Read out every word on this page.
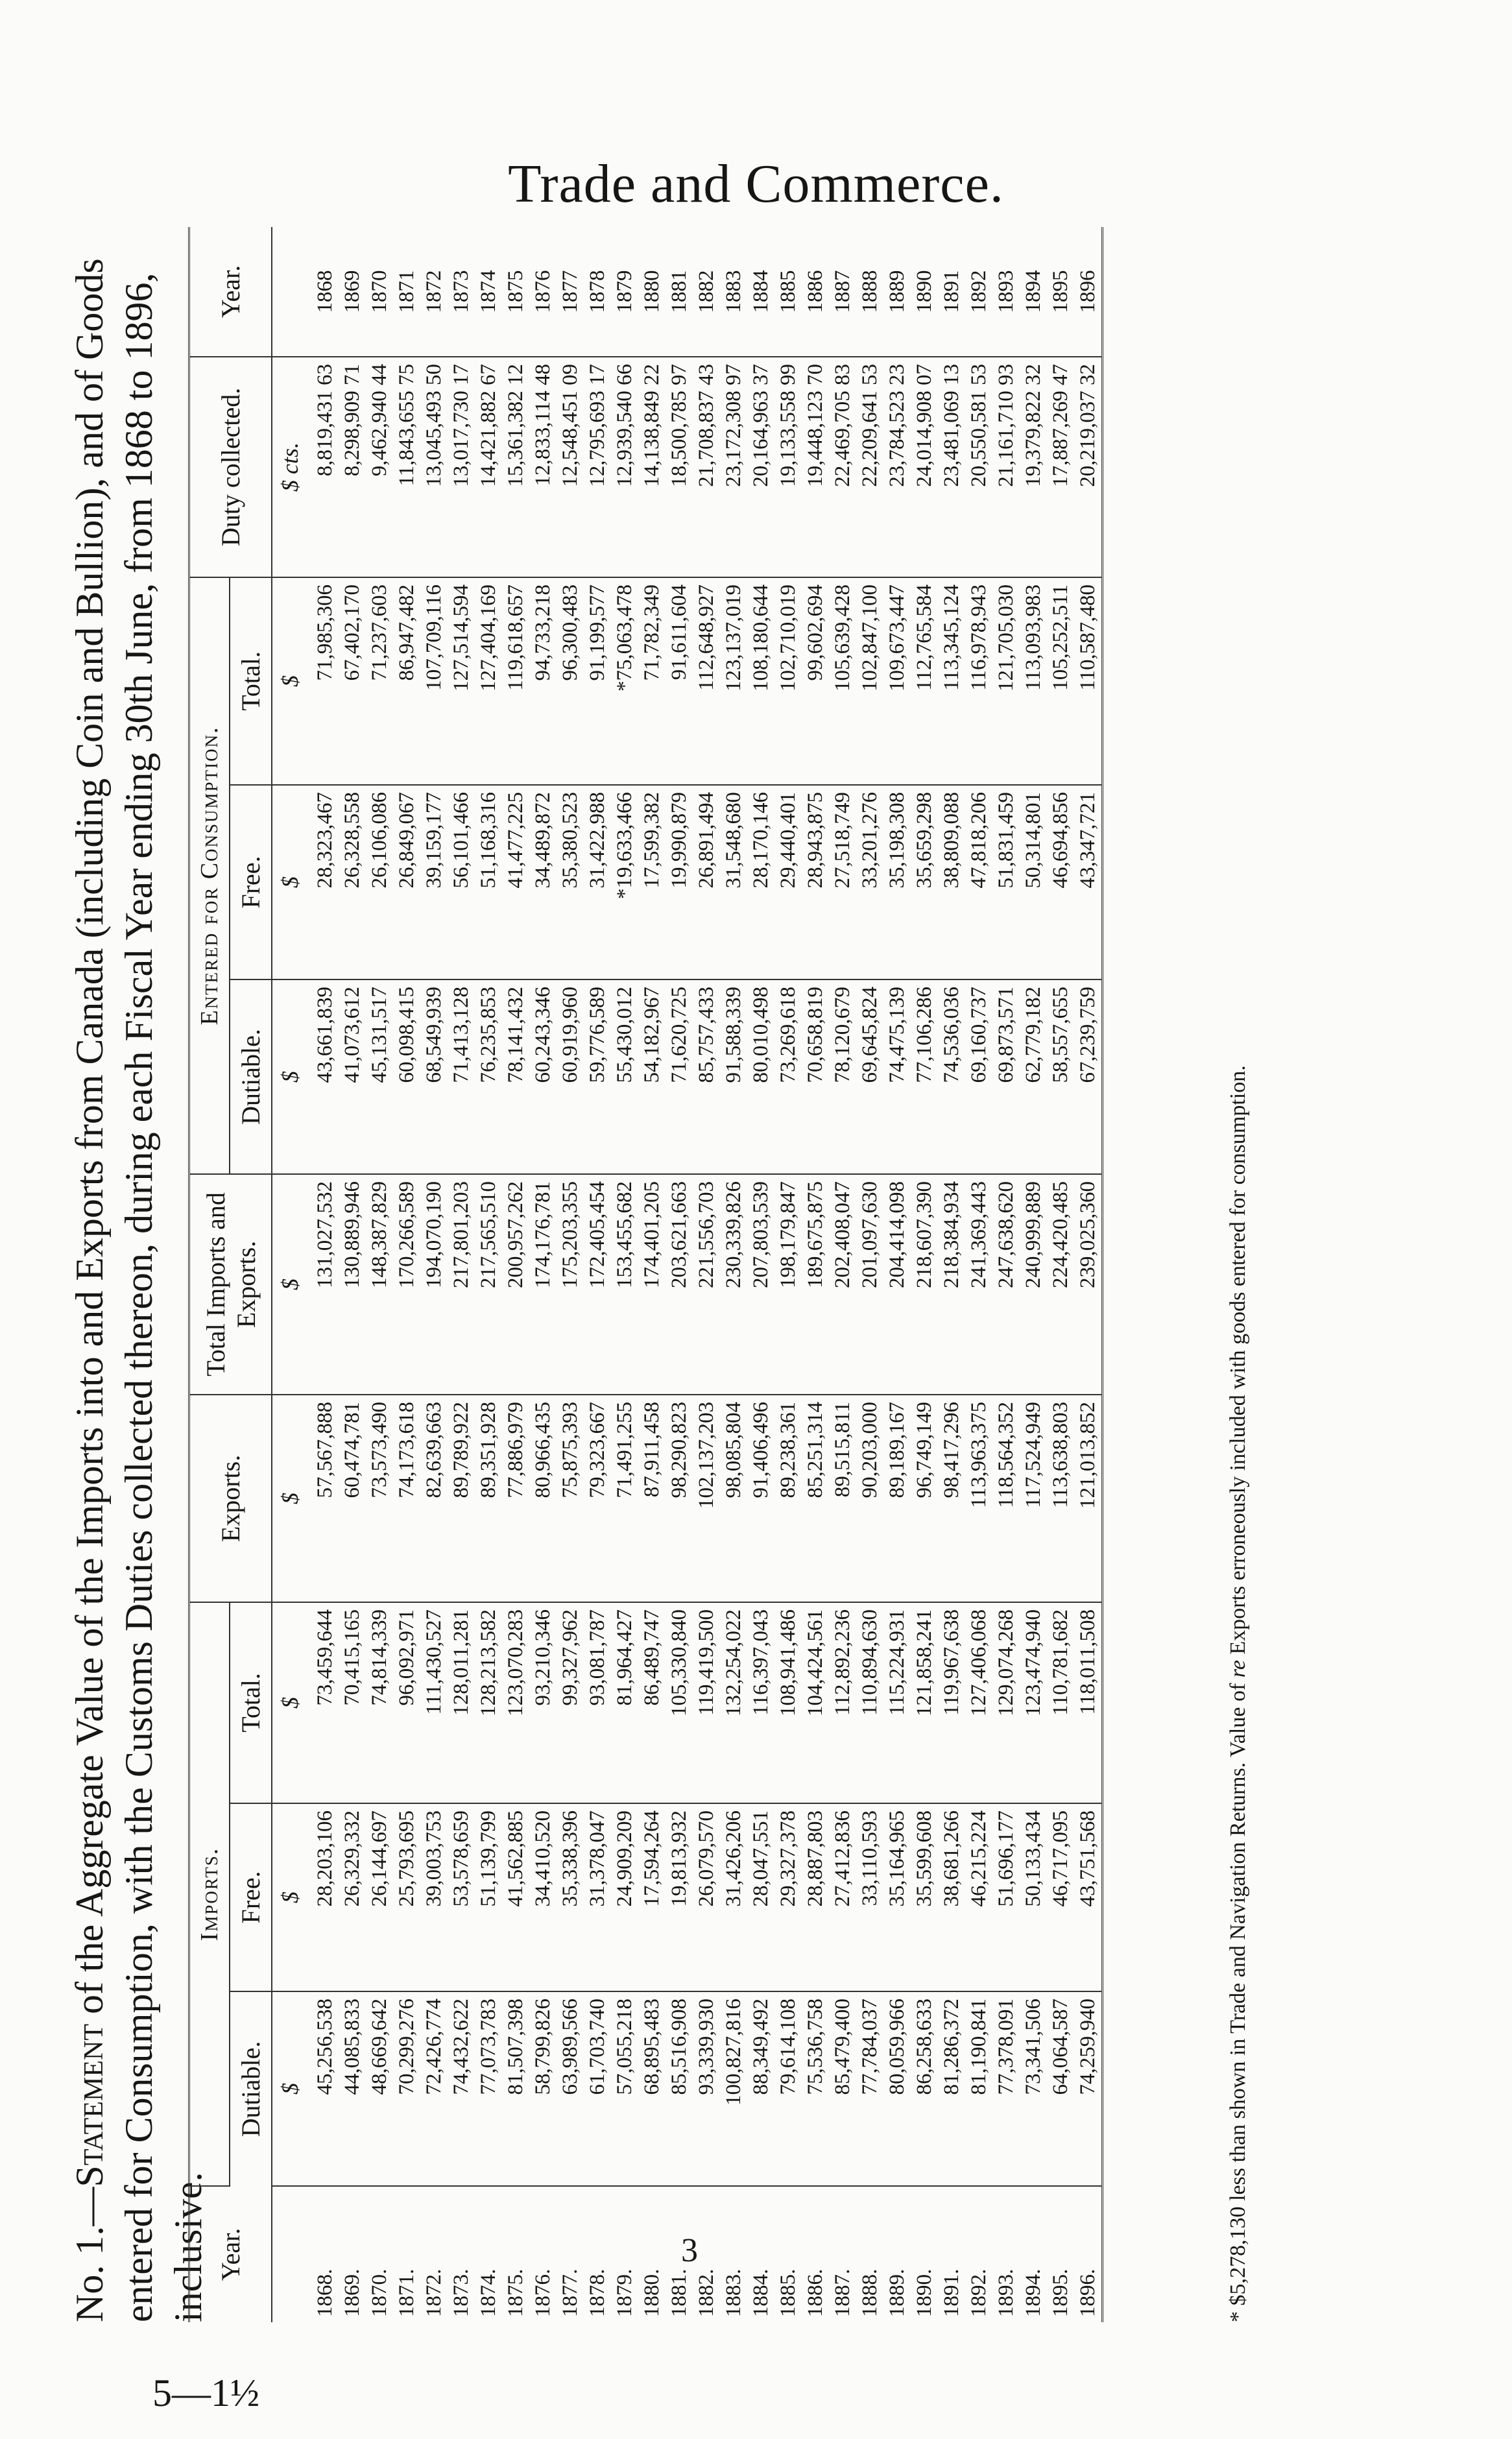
Trade and Commerce.
No. 1.—Statement of the Aggregate Value of the Imports into and Exports from Canada (including Coin and Bullion), and of Goods entered for Consumption, with the Customs Duties collected thereon, during each Fiscal Year ending 30th June, from 1868 to 1896, inclusive. Year.	Imports.			Exports.	Total Imports and Exports.	Entered for Consumption.			Duty collected.	Year.
	Dutiable.	Free.	Total.			Dutiable.	Free.	Total.		
	$	$	$	$	$	$	$	$	$ cts.	
1868.	45,256,538	28,203,106	73,459,644	57,567,888	131,027,532	43,661,839	28,323,467	71,985,306	8,819,431 63	1868
1869.	44,085,833	26,329,332	70,415,165	60,474,781	130,889,946	41,073,612	26,328,558	67,402,170	8,298,909 71	1869
1870.	48,669,642	26,144,697	74,814,339	73,573,490	148,387,829	45,131,517	26,106,086	71,237,603	9,462,940 44	1870
1871.	70,299,276	25,793,695	96,092,971	74,173,618	170,266,589	60,098,415	26,849,067	86,947,482	11,843,655 75	1871
1872.	72,426,774	39,003,753	111,430,527	82,639,663	194,070,190	68,549,939	39,159,177	107,709,116	13,045,493 50	1872
1873.	74,432,622	53,578,659	128,011,281	89,789,922	217,801,203	71,413,128	56,101,466	127,514,594	13,017,730 17	1873
1874.	77,073,783	51,139,799	128,213,582	89,351,928	217,565,510	76,235,853	51,168,316	127,404,169	14,421,882 67	1874
1875.	81,507,398	41,562,885	123,070,283	77,886,979	200,957,262	78,141,432	41,477,225	119,618,657	15,361,382 12	1875
1876.	58,799,826	34,410,520	93,210,346	80,966,435	174,176,781	60,243,346	34,489,872	94,733,218	12,833,114 48	1876
1877.	63,989,566	35,338,396	99,327,962	75,875,393	175,203,355	60,919,960	35,380,523	96,300,483	12,548,451 09	1877
1878.	61,703,740	31,378,047	93,081,787	79,323,667	172,405,454	59,776,589	31,422,988	91,199,577	12,795,693 17	1878
1879.	57,055,218	24,909,209	81,964,427	71,491,255	153,455,682	55,430,012	*19,633,466	*75,063,478	12,939,540 66	1879
1880.	68,895,483	17,594,264	86,489,747	87,911,458	174,401,205	54,182,967	17,599,382	71,782,349	14,138,849 22	1880
1881.	85,516,908	19,813,932	105,330,840	98,290,823	203,621,663	71,620,725	19,990,879	91,611,604	18,500,785 97	1881
1882.	93,339,930	26,079,570	119,419,500	102,137,203	221,556,703	85,757,433	26,891,494	112,648,927	21,708,837 43	1882
1883.	100,827,816	31,426,206	132,254,022	98,085,804	230,339,826	91,588,339	31,548,680	123,137,019	23,172,308 97	1883
1884.	88,349,492	28,047,551	116,397,043	91,406,496	207,803,539	80,010,498	28,170,146	108,180,644	20,164,963 37	1884
1885.	79,614,108	29,327,378	108,941,486	89,238,361	198,179,847	73,269,618	29,440,401	102,710,019	19,133,558 99	1885
1886.	75,536,758	28,887,803	104,424,561	85,251,314	189,675,875	70,658,819	28,943,875	99,602,694	19,448,123 70	1886
1887.	85,479,400	27,412,836	112,892,236	89,515,811	202,408,047	78,120,679	27,518,749	105,639,428	22,469,705 83	1887
1888.	77,784,037	33,110,593	110,894,630	90,203,000	201,097,630	69,645,824	33,201,276	102,847,100	22,209,641 53	1888
1889.	80,059,966	35,164,965	115,224,931	89,189,167	204,414,098	74,475,139	35,198,308	109,673,447	23,784,523 23	1889
1890.	86,258,633	35,599,608	121,858,241	96,749,149	218,607,390	77,106,286	35,659,298	112,765,584	24,014,908 07	1890
1891.	81,286,372	38,681,266	119,967,638	98,417,296	218,384,934	74,536,036	38,809,088	113,345,124	23,481,069 13	1891
1892.	81,190,841	46,215,224	127,406,068	113,963,375	241,369,443	69,160,737	47,818,206	116,978,943	20,550,581 53	1892
1893.	77,378,091	51,696,177	129,074,268	118,564,352	247,638,620	69,873,571	51,831,459	121,705,030	21,161,710 93	1893
1894.	73,341,506	50,133,434	123,474,940	117,524,949	240,999,889	62,779,182	50,314,801	113,093,983	19,379,822 32	1894
1895.	64,064,587	46,717,095	110,781,682	113,638,803	224,420,485	58,557,655	46,694,856	105,252,511	17,887,269 47	1895
1896.	74,259,940	43,751,568	118,011,508	121,013,852	239,025,360	67,239,759	43,347,721	110,587,480	20,219,037 32	1896
* $5,278,130 less than shown in Trade and Navigation Returns. Value of re Exports erroneously included with goods entered for consumption.
3
5—1½
